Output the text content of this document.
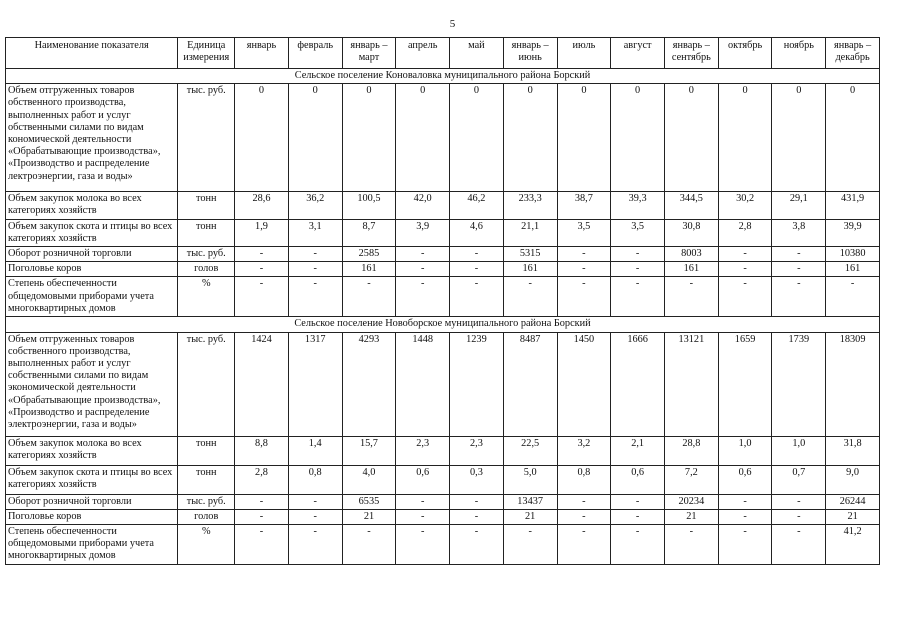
5
Наименование показателя	Единица измерения	январь	февраль	январь – март	апрель	май	январь – июнь	июль	август	январь – сентябрь	октябрь	ноябрь	январь – декабрь
Сельское поселение Коноваловка муниципального района Борский													
Объем отгруженных товаров обственного производства, выполненных работ и услуг обственными силами по видам кономической деятельности «Обрабатывающие производства», «Производство и распределение лектроэнергии, газа и воды»	тыс. руб.	0	0	0	0	0	0	0	0	0	0	0	0
Объем закупок молока во всех категориях хозяйств	тонн	28,6	36,2	100,5	42,0	46,2	233,3	38,7	39,3	344,5	30,2	29,1	431,9
Объем закупок скота и птицы во всех категориях хозяйств	тонн	1,9	3,1	8,7	3,9	4,6	21,1	3,5	3,5	30,8	2,8	3,8	39,9
Оборот розничной торговли	тыс. руб.	-	-	2585	-	-	5315	-	-	8003	-	-	10380
Поголовье коров	голов	-	-	161	-	-	161	-	-	161	-	-	161
Степень обеспеченности общедомовыми приборами учета многоквартирных домов	%	-	-	-	-	-	-	-	-	-	-	-	-
Сельское поселение Новоборское муниципального района Борский													
Объем отгруженных товаров собственного производства, выполненных работ и услуг собственными силами по видам экономической деятельности «Обрабатывающие производства», «Производство и распределение электроэнергии, газа и воды»	тыс. руб.	1424	1317	4293	1448	1239	8487	1450	1666	13121	1659	1739	18309
Объем закупок молока во всех категориях хозяйств	тонн	8,8	1,4	15,7	2,3	2,3	22,5	3,2	2,1	28,8	1,0	1,0	31,8
Объем закупок скота и птицы во всех категориях хозяйств	тонн	2,8	0,8	4,0	0,6	0,3	5,0	0,8	0,6	7,2	0,6	0,7	9,0
Оборот розничной торговли	тыс. руб.	-	-	6535	-	-	13437	-	-	20234	-	-	26244
Поголовье коров	голов	-	-	21	-	-	21	-	-	21	-	-	21
Степень обеспеченности общедомовыми приборами учета многоквартирных домов	%	-	-	-	-	-	-	-	-	-	-	-	41,2
